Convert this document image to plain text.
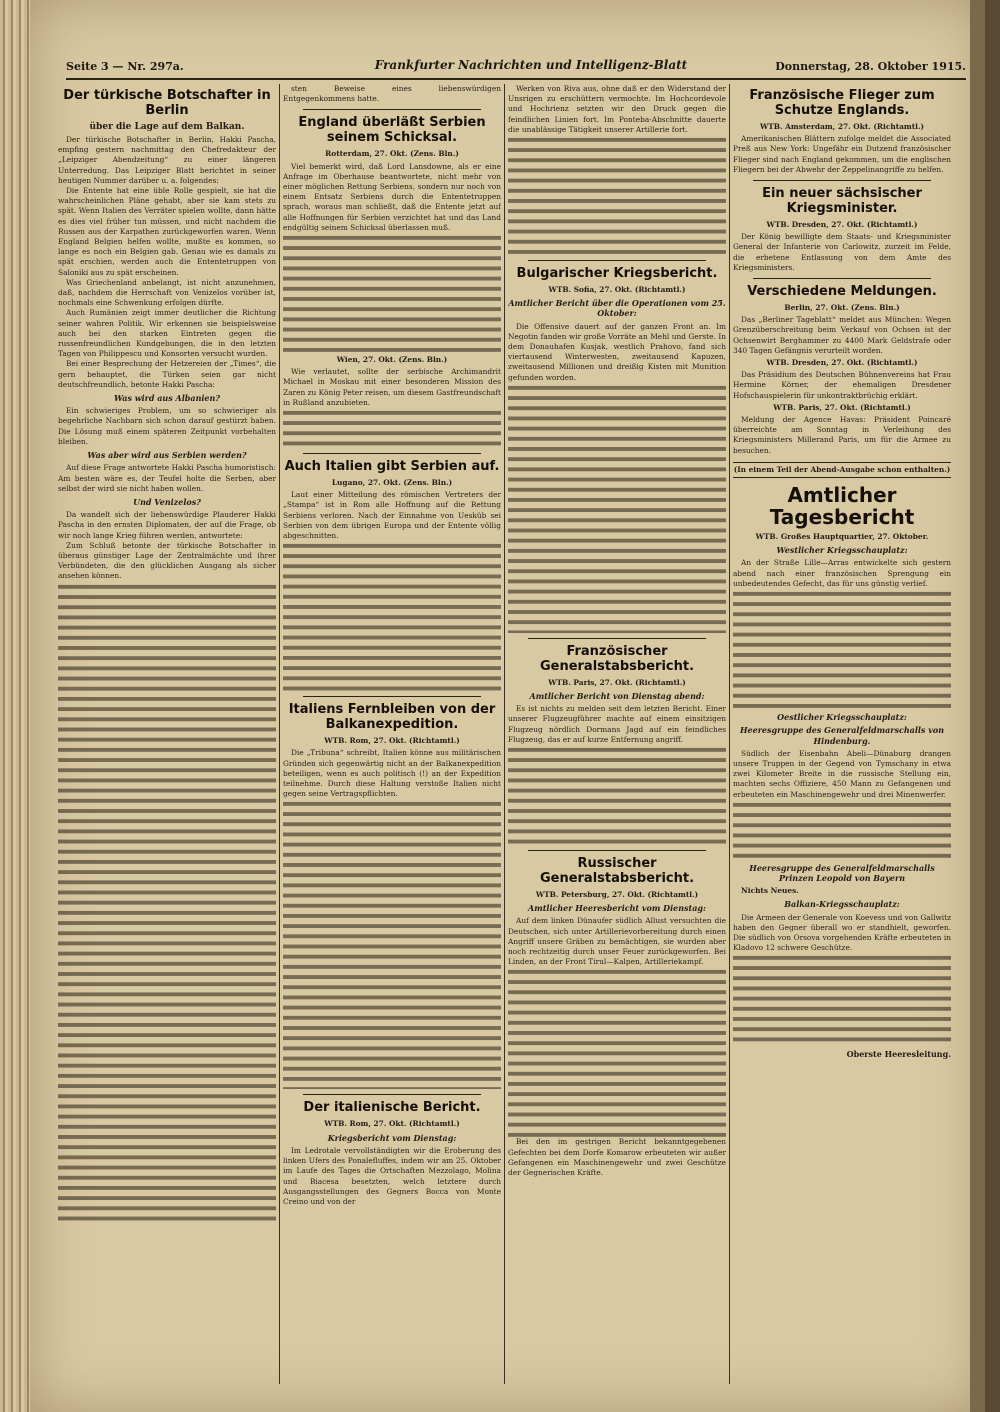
Seite 3 — Nr. 297a.	Frankfurter Nachrichten und Intelligenz-Blatt	Donnerstag, 28. Oktober 1915.
Der türkische Botschafter in Berlin
über die Lage auf dem Balkan.

Der türkische Botschafter in Berlin, Hakki Pascha, empfing gestern nachmittag den Chefredakteur der „Leipziger Abendzeitung“ zu einer längeren Unterredung. Das Leipziger Blatt berichtet in seiner heutigen Nummer darüber u. a. folgendes:

Die Entente hat eine üble Rolle gespielt, sie hat die wahrscheinlichen Pläne gehabt, aber sie kam stets zu spät. Wenn Italien des Verräter spielen wollte, dann hätte es dies viel früher tun müssen, und nicht nachdem die Russen aus der Karpathen zurückgeworfen waren. Wenn England Belgien helfen wollte, mußte es kommen, so lange es noch ein Belgien gab. Genau wie es damals zu spät erschien, werden auch die Ententetruppen von Saloniki aus zu spät erscheinen.

Was Griechenland anbelangt, ist nicht anzunehmen, daß, nachdem die Herrschaft von Venizelos vorüber ist, nochmals eine Schwenkung erfolgen dürfte.

Auch Rumänien zeigt immer deutlicher die Richtung seiner wahren Politik. Wir erkennen sie beispielsweise auch bei den starken Eintreten gegen die russenfreundlichen Kundgebungen, die in den letzten Tagen von Philippescu und Konsorten versucht wurden.

Bei einer Besprechung der Hetzereien der „Times“, die gern behauptet, die Türken seien gar nicht deutschfreundlich, betonte Hakki Pascha:

Was wird aus Albanien?

Ein schwieriges Problem, um so schwieriger als begehrliche Nachbarn sich schon darauf gestürzt haben. Die Lösung muß einem späteren Zeitpunkt vorbehalten bleiben.

Was aber wird aus Serbien werden?

Auf diese Frage antwortete Hakki Pascha humoristisch: Am besten wäre es, der Teufel holte die Serben, aber selbst der wird sie nicht haben wollen.

Und Venizelos?

Da wandelt sich der liebenswürdige Plauderer Hakki Pascha in den ernsten Diplomaten, der auf die Frage, ob wir noch lange Krieg führen werden, antwortete:

Zum Schluß betonte der türkische Botschafter in überaus günstiger Lage der Zentralmächte und ihrer Verbündeten, die den glücklichen Ausgang als sicher ansehen können.

sten Beweise eines liebenswürdigen Entgegenkommens hatte.

England überläßt Serbien seinem Schicksal.
Rotterdam, 27. Okt. (Zens. Bln.)

Viel bemerkt wird, daß Lord Lansdowne, als er eine Anfrage im Oberhause beantwortete, nicht mehr von einer möglichen Rettung Serbiens, sondern nur noch von einem Entsatz Serbiens durch die Ententetruppen sprach, woraus man schließt, daß die Entente jetzt auf alle Hoffnungen für Serbien verzichtet hat und das Land endgültig seinem Schicksal überlassen muß.

Wien, 27. Okt. (Zens. Bln.)

Wie verlautet, sollte der serbische Archimandrit Michael in Moskau mit einer besonderen Mission des Zaren zu König Peter reisen, um diesem Gastfreundschaft in Rußland anzubieten.

Auch Italien gibt Serbien auf.
Lugano, 27. Okt. (Zens. Bln.)

Laut einer Mitteilung des römischen Vertreters der „Stampa“ ist in Rom alle Hoffnung auf die Rettung Serbiens verloren. Nach der Einnahme von Uesküb sei Serbien von dem übrigen Europa und der Entente völlig abgeschnitten.

Italiens Fernbleiben von der Balkanexpedition.
WTB. Rom, 27. Okt. (Richtamtl.)

Die „Tribuna“ schreibt, Italien könne aus militärischen Gründen sich gegenwärtig nicht an der Balkanexpedition beteiligen, wenn es auch politisch (!) an der Expedition teilnehme. Durch diese Haltung verstoße Italien nicht gegen seine Vertragspflichten.

Der italienische Bericht.
WTB. Rom, 27. Okt. (Richtamtl.)
Kriegsbericht vom Dienstag:

Im Ledrotale vervollständigten wir die Eroberung des linken Ufers des Ponalefluffes, indem wir am 25. Oktober im Laufe des Tages die Ortschaften Mezzolago, Molina und Biacesa besetzten, welch letztere durch Ausgangsstellungen des Gegners Bocca von Monte Creino und von der

Werken von Riva aus, ohne daß er den Widerstand der Unsrigen zu erschüttern vermochte. Im Hochcordevole und Hochrienz setzten wir den Druck gegen die feindlichen Linien fort. Im Ponteba-Abschnitte dauerte die unablässige Tätigkeit unserer Artillerie fort.

Bulgarischer Kriegsbericht.
WTB. Sofia, 27. Okt. (Richtamtl.)
Amtlicher Bericht über die Operationen vom 25. Oktober:

Die Offensive dauert auf der ganzen Front an. Im Negotin fanden wir große Vorräte an Mehl und Gerste. In dem Donauhafen Kusjak, westlich Prahovo, fand sich viertausend Winterwesten, zweitausend Kapuzen, zweitausend Millionen und dreißig Kisten mit Munition gefunden worden.

Französischer Generalstabsbericht.
WTB. Paris, 27. Okt. (Richtamtl.)
Amtlicher Bericht von Dienstag abend:

Es ist nichts zu melden seit dem letzten Bericht. Einer unserer Flugzeugführer machte auf einem einsitzigen Flugzeug nördlich Dormans Jagd auf ein feindliches Flugzeug, das er auf kurze Entfernung angriff.

Russischer Generalstabsbericht.
WTB. Petersburg, 27. Okt. (Richtamtl.)
Amtlicher Heeresbericht vom Dienstag:

Auf dem linken Dünaufer südlich Allust versuchten die Deutschen, sich unter Artillerievorbereitung durch einen Angriff unsere Gräben zu bemächtigen, sie wurden aber noch rechtzeitig durch unser Feuer zurückgeworfen. Bei Linden, an der Front Tirul—Kalpen, Artilleriekampf.

Bei den im gestrigen Bericht bekanntgegebenen Gefechten bei dem Dorfe Komarow erbeuteten wir außer Gefangenen ein Maschinengewehr und zwei Geschütze der Gegnerischen Kräfte.

Französische Flieger zum Schutze Englands.
WTB. Amsterdam, 27. Okt. (Richtamtl.)

Amerikanischen Blättern zufolge meldet die Associated Preß aus New York: Ungefähr ein Dutzend französischer Flieger sind nach England gekommen, um die englischen Fliegern bei der Abwehr der Zeppelinangriffe zu helfen.

Ein neuer sächsischer Kriegsminister.
WTB. Dresden, 27. Okt. (Richtamtl.)

Der König bewilligte dem Staats- und Kriegsminister General der Infanterie von Carlowitz, zurzeit im Felde, die erbetene Entlassung von dem Amte des Kriegsministers.

Verschiedene Meldungen.
Berlin, 27. Okt. (Zens. Bln.)

Das „Berliner Tageblatt“ meldet aus München: Wegen Grenzüberschreitung beim Verkauf von Ochsen ist der Ochsenwirt Berghammer zu 4400 Mark Geldstrafe oder 340 Tagen Gefängnis verurteilt worden.

WTB. Dresden, 27. Okt. (Richtamtl.)

Das Präsidium des Deutschen Bühnenvereins hat Frau Hermine Körner, der ehemaligen Dresdener Hofschauspielerin für unkontraktbrüchig erklärt.

WTB. Paris, 27. Okt. (Richtamtl.)

Meldung der Agence Havas: Präsident Poincaré überreichte am Sonntag in Verleihung des Kriegsministers Millerand Paris, um für die Armee zu besuchen.

(In einem Teil der Abend-Ausgabe schon enthalten.)
Amtlicher Tagesbericht
WTB. Großes Hauptquartier, 27. Oktober.
Westlicher Kriegsschauplatz:

An der Straße Lille—Arras entwickelte sich gestern abend nach einer französischen Sprengung ein unbedeutendes Gefecht, das für uns günstig verlief.

Oestlicher Kriegsschauplatz:
Heeresgruppe des Generalfeldmarschalls von Hindenburg.

Südlich der Eisenbahn Abeli—Dünaburg drangen unsere Truppen in der Gegend von Tymschany in etwa zwei Kilometer Breite in die russische Stellung ein, machten sechs Offiziere, 450 Mann zu Gefangenen und erbeuteten ein Maschinengewehr und drei Minenwerfer.

Heeresgruppe des Generalfeldmarschalls Prinzen Leopold von Bayern

Nichts Neues.

Balkan-Kriegsschauplatz:

Die Armeen der Generale von Koevess und von Gallwitz haben den Gegner überall wo er standhielt, geworfen. Die südlich von Orsova vorgehenden Kräfte erbeuteten in Kladovo 12 schwere Geschütze.

Oberste Heeresleitung.
